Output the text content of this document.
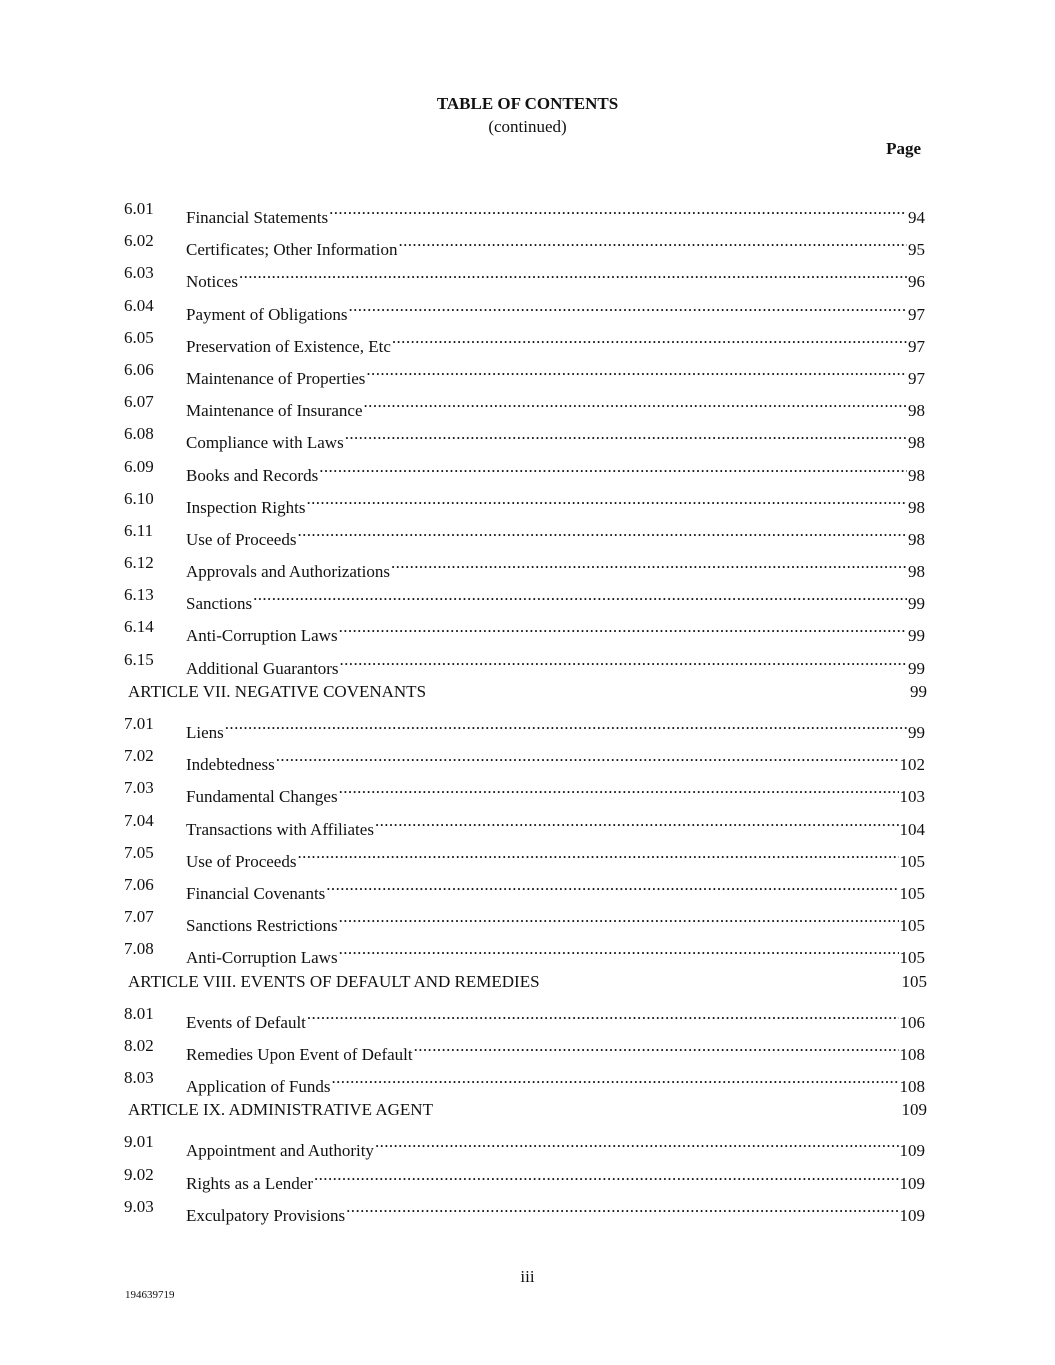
TABLE OF CONTENTS
(continued)
Page
6.01 Financial Statements .....	94
6.02 Certificates; Other Information .....	95
6.03 Notices .....	96
6.04 Payment of Obligations .....	97
6.05 Preservation of Existence, Etc .....	97
6.06 Maintenance of Properties .....	97
6.07 Maintenance of Insurance .....	98
6.08 Compliance with Laws .....	98
6.09 Books and Records .....	98
6.10 Inspection Rights .....	98
6.11 Use of Proceeds .....	98
6.12 Approvals and Authorizations .....	98
6.13 Sanctions .....	99
6.14 Anti-Corruption Laws .....	99
6.15 Additional Guarantors .....	99
ARTICLE VII. NEGATIVE COVENANTS	99
7.01 Liens .....	99
7.02 Indebtedness .....	102
7.03 Fundamental Changes .....	103
7.04 Transactions with Affiliates .....	104
7.05 Use of Proceeds .....	105
7.06 Financial Covenants .....	105
7.07 Sanctions Restrictions .....	105
7.08 Anti-Corruption Laws .....	105
ARTICLE VIII. EVENTS OF DEFAULT AND REMEDIES	105
8.01 Events of Default .....	106
8.02 Remedies Upon Event of Default .....	108
8.03 Application of Funds .....	108
ARTICLE IX. ADMINISTRATIVE AGENT	109
9.01 Appointment and Authority .....	109
9.02 Rights as a Lender .....	109
9.03 Exculpatory Provisions .....	109
iii
194639719
